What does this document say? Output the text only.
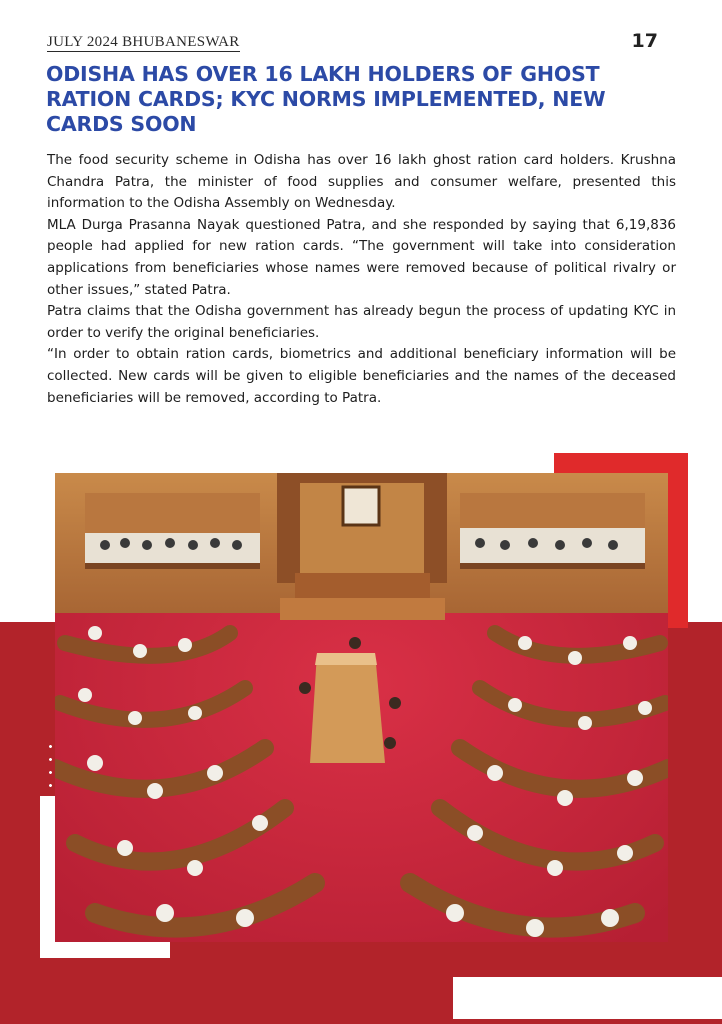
JULY 2024 BHUBANESWAR	17
ODISHA HAS OVER 16 LAKH HOLDERS OF GHOST RATION CARDS; KYC NORMS IMPLEMENTED, NEW CARDS SOON

The food security scheme in Odisha has over 16 lakh ghost ration card holders. Krushna Chandra Patra, the minister of food supplies and consumer welfare, presented this information to the Odisha Assembly on Wednesday.

MLA Durga Prasanna Nayak questioned Patra, and she responded by saying that 6,19,836 people had applied for new ration cards. “The government will take into consideration applications from beneficiaries whose names were removed because of political rivalry or other issues,” stated Patra.

Patra claims that the Odisha government has already begun the process of updating KYC in order to verify the original beneficiaries.

“In order to obtain ration cards, biometrics and additional beneficiary information will be collected. New cards will be given to eligible beneficiaries and the names of the deceased beneficiaries will be removed, according to Patra.
